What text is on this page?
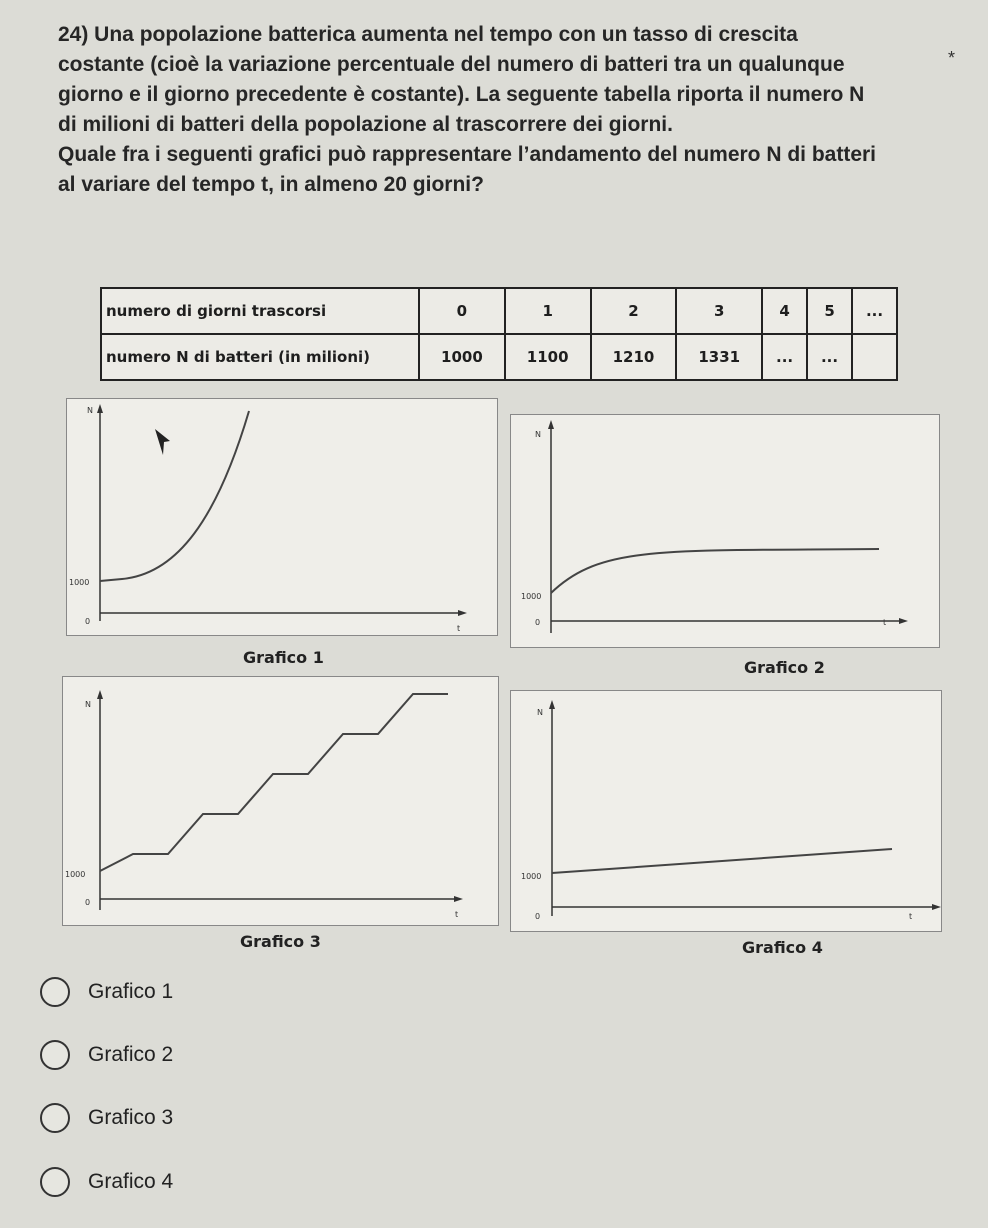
24) Una popolazione batterica aumenta nel tempo con un tasso di crescita

costante (cioè la variazione percentuale del numero di batteri tra un qualunque

giorno e il giorno precedente è costante). La seguente tabella riporta il numero N

di milioni di batteri della popolazione al trascorrere dei giorni.

Quale fra i seguenti grafici può rappresentare l’andamento del numero N di batteri

al variare del tempo t, in almeno 20 giorni?

*
numero di giorni trascorsi	0	1	2	3	4	5	...
numero N di batteri (in milioni)	1000	1100	1210	1331	...	...	
N
1000
0
t
Grafico 1
N
1000
0	t
Grafico 2
N
1000
0
t
Grafico 3
N
1000
0	t
Grafico 4
Grafico 1
Grafico 2
Grafico 3
Grafico 4
